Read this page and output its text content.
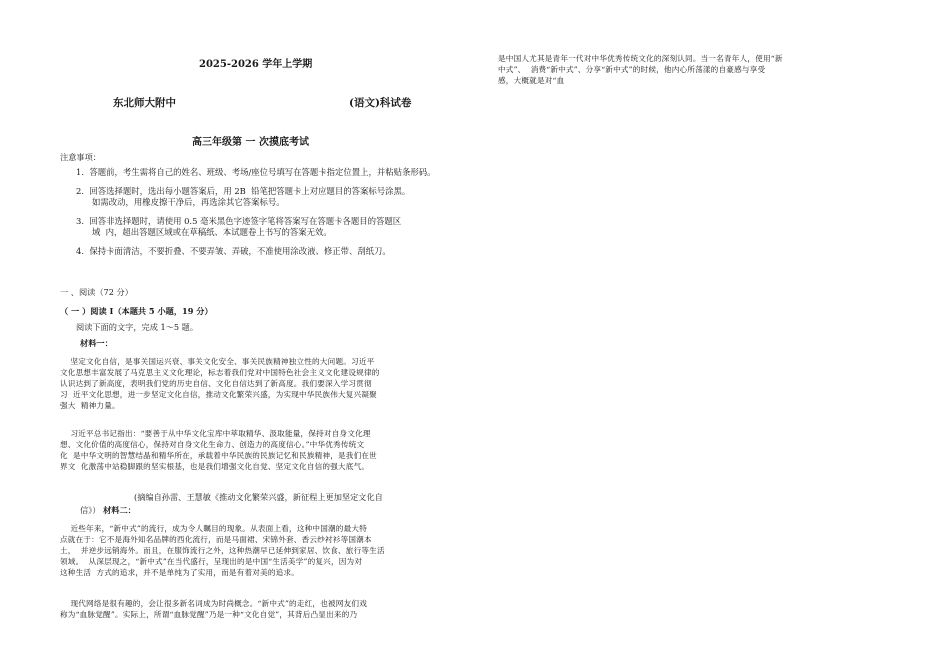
2025-2026 学年上学期
东北师大附中	(语文)科试卷
高三年级第 一 次摸底考试
注意事项：
1.  答题前，考生需将自己的姓名、班级、考场/座位号填写在答题卡指定位置上，并粘贴条形码。
2.  回答选择题时，选出每小题答案后，用 2B  铅笔把答题卡上对应题目的答案标号涂黑。
如需改动，用橡皮擦干净后，再选涂其它答案标号。
3.  回答非选择题时，请使用 0.5 毫米黑色字迹签字笔将答案写在答题卡各题目的答题区
域  内，超出答题区域或在草稿纸、本试题卷上书写的答案无效。
4.  保持卡面清洁，不要折叠、不要弄皱、弄破，不准使用涂改液、修正带、刮纸刀。
一 、阅读（72 分）
（ 一 ）阅读 I（本题共 5 小题，19 分）
阅读下面的文字，完成 1～5 题。
材料一：
坚定文化自信，是事关国运兴衰、事关文化安全、事关民族精神独立性的大问题。习近平
文化思想丰富发展了马克思主义文化理论，标志着我们党对中国特色社会主义文化建设规律的
认识达到了新高度，表明我们党的历史自信、文化自信达到了新高度。我们要深入学习贯彻
习  近平文化思想，进一步坚定文化自信，推动文化繁荣兴盛，为实现中华民族伟大复兴凝聚
强大  精神力量。
习近平总书记指出：“要善于从中华文化宝库中萃取精华、汲取能量，保持对自身文化理
想、文化价值的高度信心，保持对自身文化生命力、创造力的高度信心。”中华优秀传统文
化  是中华文明的智慧结晶和精华所在，承载着中华民族的民族记忆和民族精神，是我们在世
界文  化激荡中站稳脚跟的坚实根基，也是我们增强文化自觉、坚定文化自信的强大底气。
(摘编自孙雷、王慧敏《推动文化繁荣兴盛，新征程上更加坚定文化自
信》） 材料二：
近些年来，“新中式”的流行，成为令人瞩目的现象。从表面上看，这种中国潮的最大特
点就在于：它不是海外知名品牌的西化流行，而是马面裙、宋锦外套、香云纱衬衫等国潮本
土，  并逆步远销海外。而且，在服饰流行之外，这种热潮早已延伸到家居、饮食、旅行等生活
领域。  从深层现之，“新中式”在当代盛行，呈现出的是中国“生活美学”的复兴，因为对
这种生活  方式的追求，并不是单纯为了实用，而是有着对美的追求。
现代网络是很有趣的，会让很多新名词成为时尚概念。“新中式”的走红，也被网友们戏
称为“血脉觉醒”。实际上，所谓“血脉觉醒”乃是一种“文化自觉”，其背后凸显出来的乃
是中国人尤其是青年一代对中华优秀传统文化的深刻认同。当一名青年人，使用“新
中式”、  消费“新中式”、分享“新中式”的时候，他内心所荡漾的自豪感与享受
感，大概就是对“血
